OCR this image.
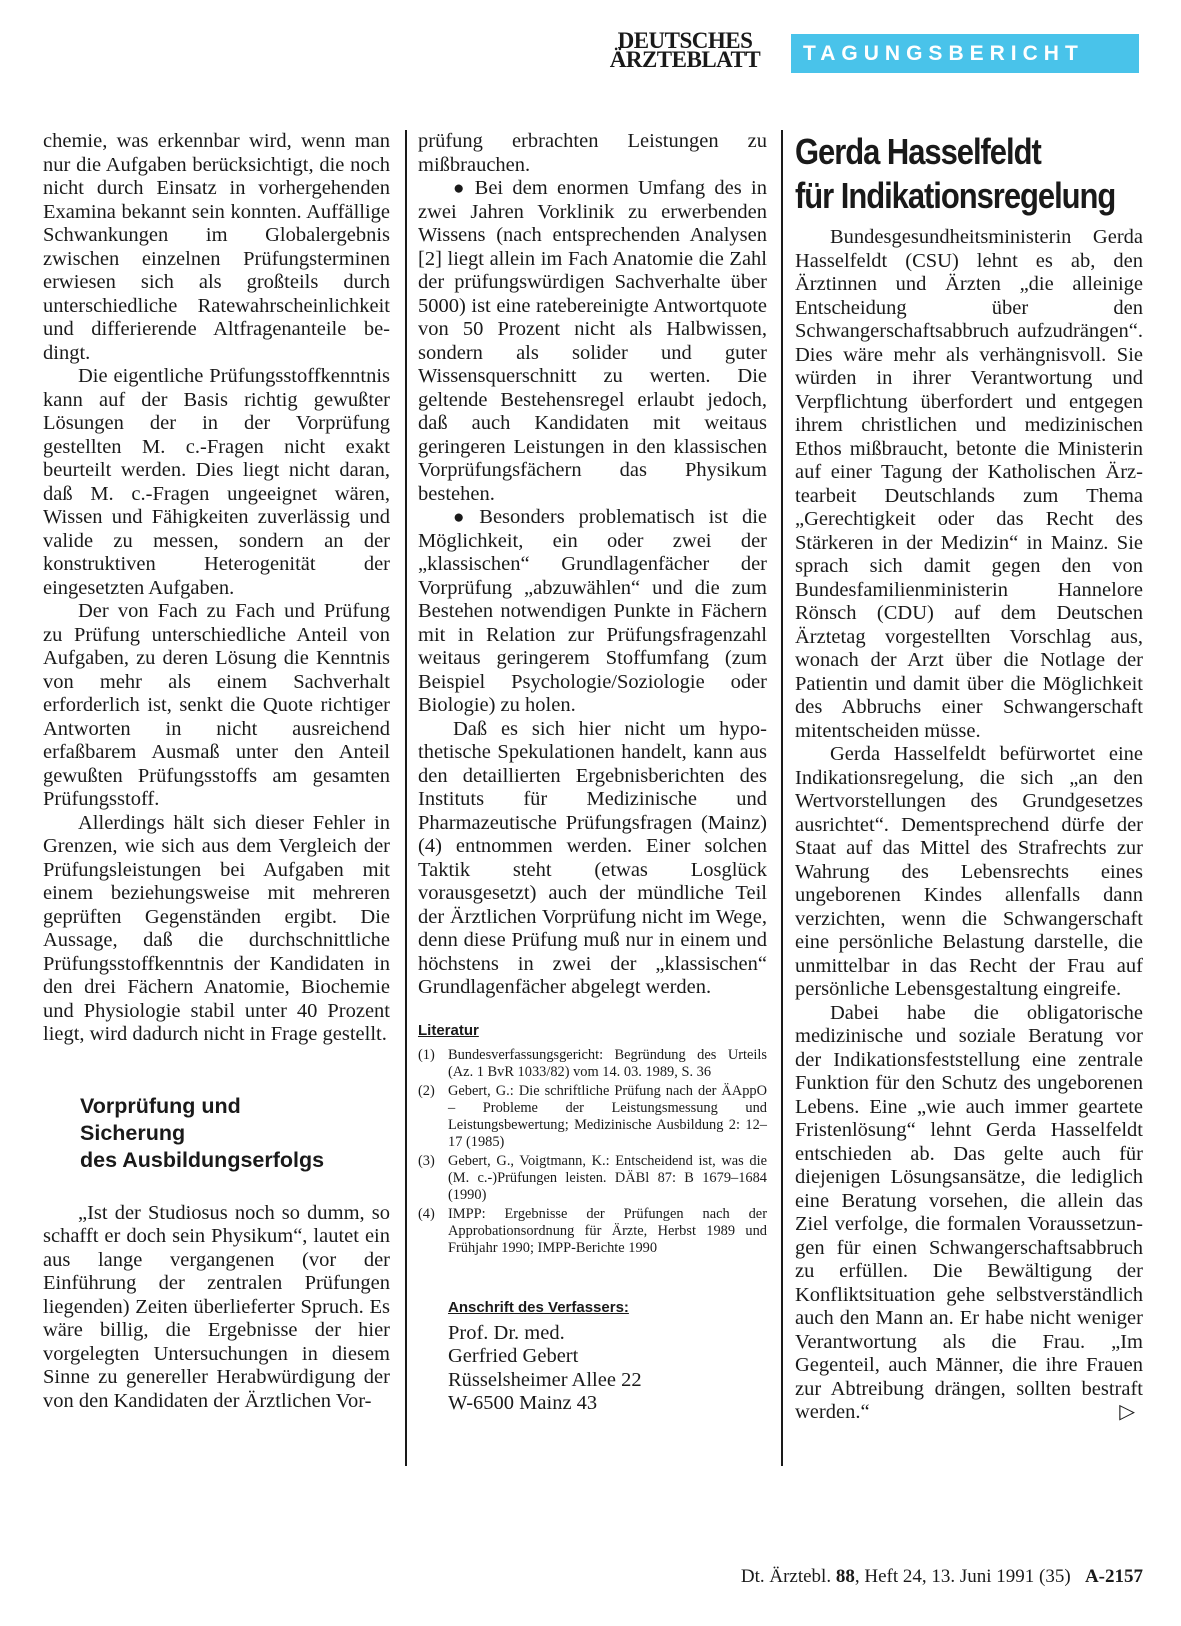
DEUTSCHES
ÄRZTEBLATT	TAGUNGSBERICHT

chemie, was erkennbar wird, wenn man nur die Aufgaben berücksichtigt, die noch nicht durch Einsatz in vorhergehenden Examina bekannt sein konnten. Auffällige Schwankungen im Globalergebnis zwischen einzelnen Prüfungsterminen erwiesen sich als großteils durch unterschiedliche Ratewahrscheinlichkeit und differierende Altfragenanteile bedingt.

Die eigentliche Prüfungsstoffkenntnis kann auf der Basis richtig gewußter Lösungen der in der Vorprüfung gestellten M. c.-Fragen nicht exakt beurteilt werden. Dies liegt nicht daran, daß M. c.-Fragen ungeeignet wären, Wissen und Fähigkeiten zuverlässig und valide zu messen, sondern an der konstruktiven Heterogenität der eingesetzten Aufgaben.

Der von Fach zu Fach und Prüfung zu Prüfung unterschiedliche Anteil von Aufgaben, zu deren Lösung die Kenntnis von mehr als einem Sachverhalt erforderlich ist, senkt die Quote richtiger Antworten in nicht ausreichend erfaßbarem Ausmaß unter den Anteil gewußten Prüfungsstoffs am gesamten Prüfungsstoff.

Allerdings hält sich dieser Fehler in Grenzen, wie sich aus dem Vergleich der Prüfungsleistungen bei Aufgaben mit einem beziehungsweise mit mehreren geprüften Gegenständen ergibt. Die Aussage, daß die durchschnittliche Prüfungsstoffkenntnis der Kandidaten in den drei Fächern Anatomie, Biochemie und Physiologie stabil unter 40 Prozent liegt, wird dadurch nicht in Frage gestellt.

Vorprüfung und
Sicherung
des Ausbildungserfolgs

„Ist der Studiosus noch so dumm, so schafft er doch sein Physikum“, lautet ein aus lange vergangenen (vor der Einführung der zentralen Prüfungen liegenden) Zeiten überlieferter Spruch. Es wäre billig, die Ergebnisse der hier vorgelegten Untersuchungen in diesem Sinne zu genereller Herabwürdigung der von den Kandidaten der Ärztlichen Vor-

prüfung erbrachten Leistungen zu mißbrauchen.

● Bei dem enormen Umfang des in zwei Jahren Vorklinik zu erwerbenden Wissens (nach entsprechenden Analysen [2] liegt allein im Fach Anatomie die Zahl der prüfungswürdigen Sachverhalte über 5000) ist eine ratebereinigte Antwortquote von 50 Prozent nicht als Halbwissen, sondern als solider und guter Wissensquerschnitt zu werten. Die geltende Bestehensregel erlaubt jedoch, daß auch Kandidaten mit weitaus geringeren Leistungen in den klassischen Vorprüfungsfächern das Physikum bestehen.

● Besonders problematisch ist die Möglichkeit, ein oder zwei der „klassischen“ Grundlagenfächer der Vorprüfung „abzuwählen“ und die zum Bestehen notwendigen Punkte in Fächern mit in Relation zur Prüfungsfragenzahl weitaus geringerem Stoffumfang (zum Beispiel Psychologie/Soziologie oder Biologie) zu holen.

Daß es sich hier nicht um hypothetische Spekulationen handelt, kann aus den detaillierten Ergebnisberichten des Instituts für Medizinische und Pharmazeutische Prüfungsfragen (Mainz) (4) entnommen werden. Einer solchen Taktik steht (etwas Losglück vorausgesetzt) auch der mündliche Teil der Ärztlichen Vorprüfung nicht im Wege, denn diese Prüfung muß nur in einem und höchstens in zwei der „klassischen“ Grundlagenfächer abgelegt werden.

Literatur
(1) Bundesverfassungsgericht: Begründung des Urteils (Az. 1 BvR 1033/82) vom 14. 03. 1989, S. 36
(2) Gebert, G.: Die schriftliche Prüfung nach der ÄAppO – Probleme der Leistungsmessung und Leistungsbewertung; Medizinische Ausbildung 2: 12–17 (1985)
(3) Gebert, G., Voigtmann, K.: Entscheidend ist, was die (M. c.-)Prüfungen leisten. DÄBl 87: B 1679–1684 (1990)
(4) IMPP: Ergebnisse der Prüfungen nach der Approbationsordnung für Ärzte, Herbst 1989 und Frühjahr 1990; IMPP-Berichte 1990
Anschrift des Verfassers:
Prof. Dr. med.
Gerfried Gebert
Rüsselsheimer Allee 22
W-6500 Mainz 43
Gerda Hasselfeldt
für Indikationsregelung

Bundesgesundheitsministerin Gerda Hasselfeldt (CSU) lehnt es ab, den Ärztinnen und Ärzten „die alleinige Entscheidung über den Schwangerschaftsabbruch aufzudrängen“. Dies wäre mehr als verhängnisvoll. Sie würden in ihrer Verantwortung und Verpflichtung überfordert und entgegen ihrem christlichen und medizinischen Ethos mißbraucht, betonte die Ministerin auf einer Tagung der Katholischen Ärztearbeit Deutschlands zum Thema „Gerechtigkeit oder das Recht des Stärkeren in der Medizin“ in Mainz. Sie sprach sich damit gegen den von Bundesfamilienministerin Hannelore Rönsch (CDU) auf dem Deutschen Ärztetag vorgestellten Vorschlag aus, wonach der Arzt über die Notlage der Patientin und damit über die Möglichkeit des Abbruchs einer Schwangerschaft mitentscheiden müsse.

Gerda Hasselfeldt befürwortet eine Indikationsregelung, die sich „an den Wertvorstellungen des Grundgesetzes ausrichtet“. Dementsprechend dürfe der Staat auf das Mittel des Strafrechts zur Wahrung des Lebensrechts eines ungeborenen Kindes allenfalls dann verzichten, wenn die Schwangerschaft eine persönliche Belastung darstelle, die unmittelbar in das Recht der Frau auf persönliche Lebensgestaltung eingreife.

Dabei habe die obligatorische medizinische und soziale Beratung vor der Indikationsfeststellung eine zentrale Funktion für den Schutz des ungeborenen Lebens. Eine „wie auch immer geartete Fristenlösung“ lehnt Gerda Hasselfeldt entschieden ab. Das gelte auch für diejenigen Lösungsansätze, die lediglich eine Beratung vorsehen, die allein das Ziel verfolge, die formalen Voraussetzungen für einen Schwangerschaftsabbruch zu erfüllen. Die Bewältigung der Konfliktsituation gehe selbstverständlich auch den Mann an. Er habe nicht weniger Verantwortung als die Frau. „Im Gegenteil, auch Männer, die ihre Frauen zur Abtreibung drängen, sollten bestraft werden.“	▷

Dt. Ärztebl. 88, Heft 24, 13. Juni 1991 (35) A-2157
